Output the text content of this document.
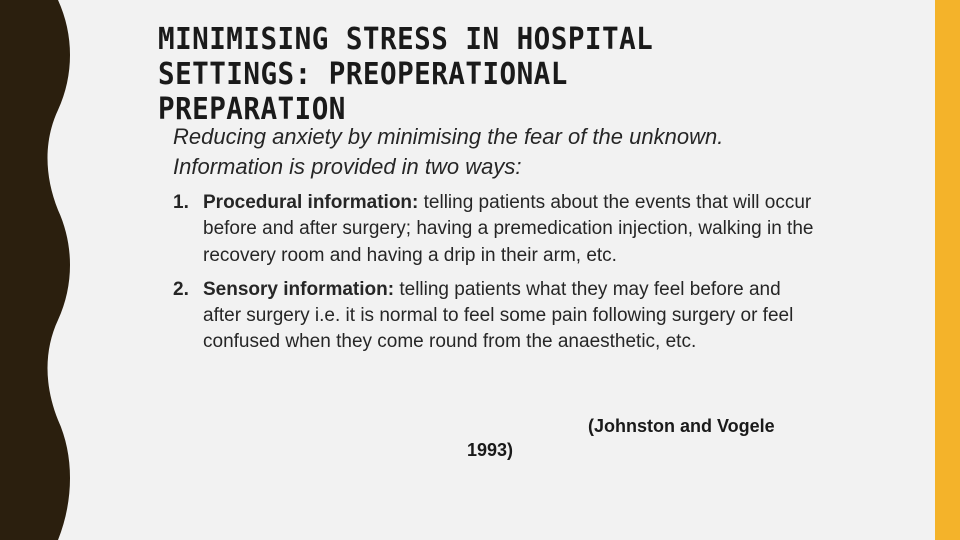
MINIMISING STRESS IN HOSPITAL SETTINGS: PREOPERATIONAL PREPARATION

Reducing anxiety by minimising the fear of the unknown. Information is provided in two ways:

1. Procedural information: telling patients about the events that will occur before and after surgery; having a premedication injection, walking in the recovery room and having a drip in their arm, etc.
2. Sensory information: telling patients what they may feel before and after surgery i.e. it is normal to feel some pain following surgery or feel confused when they come round from the anaesthetic, etc.
(Johnston and Vogele
1993)
